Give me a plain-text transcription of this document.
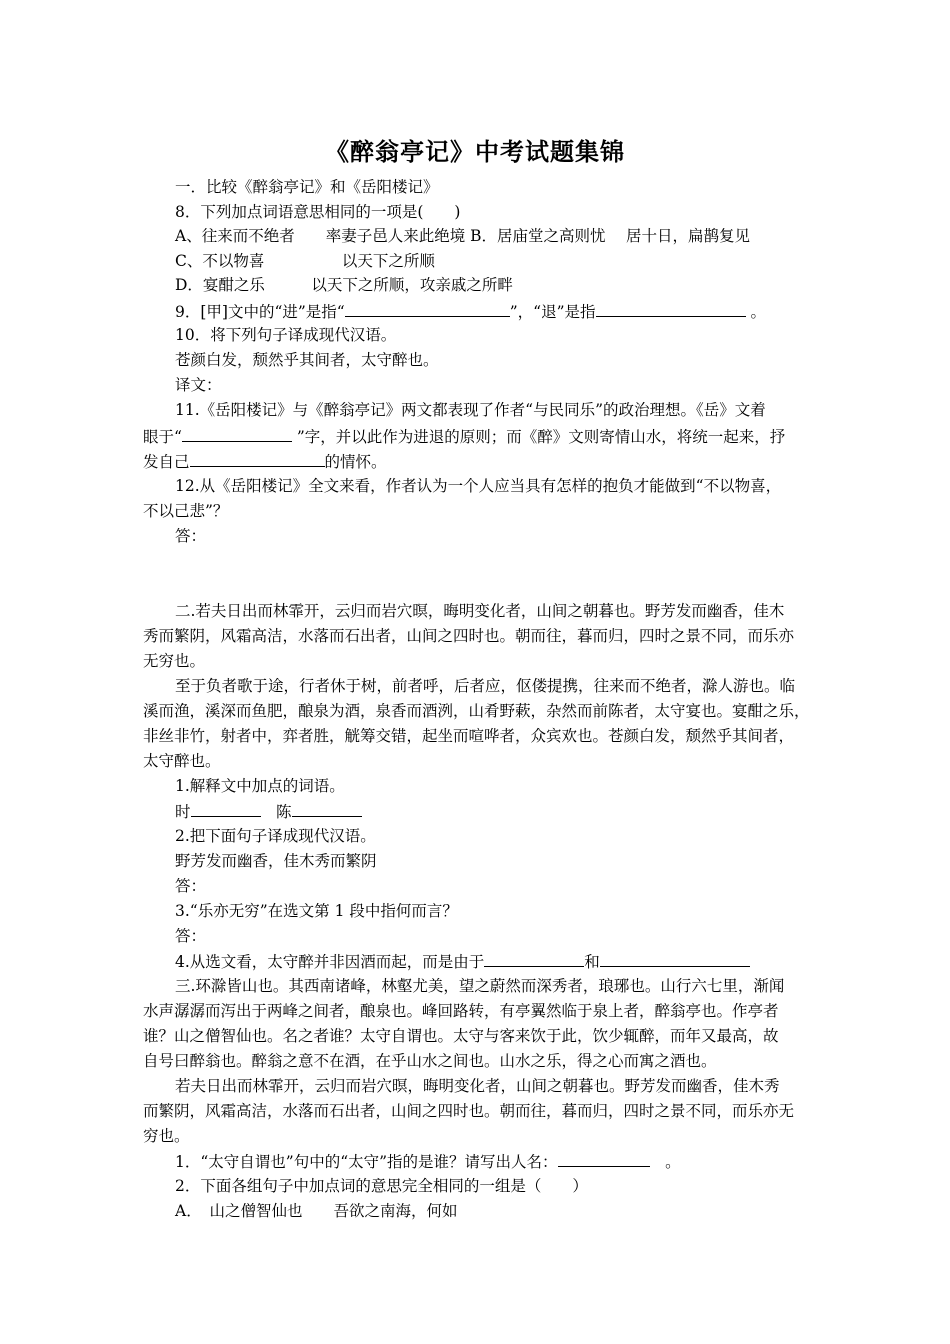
《醉翁亭记》中考试题集锦
一．比较《醉翁亭记》和《岳阳楼记》
8．下列加点词语意思相同的一项是(　　)
A、往来而不绝者　　率妻子邑人来此绝境 B．居庙堂之高则忧　 居十日，扁鹊复见
C、不以物喜　　　　　以天下之所顺
D．宴酣之乐　　　以天下之所顺，攻亲戚之所畔
9．[甲]文中的“进”是指“	”，“退”是指	。
10．将下列句子译成现代汉语。
苍颜白发，颓然乎其间者，太守醉也。
译文：
11.《岳阳楼记》与《醉翁亭记》两文都表现了作者“与民同乐”的政治理想。《岳》文着
眼于“	”字，并以此作为进退的原则；而《醉》文则寄情山水，将统一起来，抒
发自己	的情怀。
12.从《岳阳楼记》全文来看，作者认为一个人应当具有怎样的抱负才能做到“不以物喜，
不以己悲”？
答：
二.若夫日出而林霏开，云归而岩穴暝，晦明变化者，山间之朝暮也。野芳发而幽香，佳木
秀而繁阴，风霜高洁，水落而石出者，山间之四时也。朝而往，暮而归，四时之景不同，而乐亦
无穷也。
至于负者歌于途，行者休于树，前者呼，后者应，伛偻提携，往来而不绝者，滁人游也。临
溪而渔，溪深而鱼肥，酿泉为酒，泉香而酒洌，山肴野蔌，杂然而前陈者，太守宴也。宴酣之乐，
非丝非竹，射者中，弈者胜，觥筹交错，起坐而喧哗者，众宾欢也。苍颜白发，颓然乎其间者，
太守醉也。
1.解释文中加点的词语。
时　	陈
2.把下面句子译成现代汉语。
野芳发而幽香，佳木秀而繁阴
答：
3.“乐亦无穷”在选文第 1 段中指何而言？
答：
4.从选文看，太守醉并非因酒而起，而是由于	和
三.环滁皆山也。其西南诸峰，林壑尤美，望之蔚然而深秀者，琅琊也。山行六七里，渐闻
水声潺潺而泻出于两峰之间者，酿泉也。峰回路转，有亭翼然临于泉上者，醉翁亭也。作亭者
谁？山之僧智仙也。名之者谁？太守自谓也。太守与客来饮于此，饮少辄醉，而年又最高，故
自号曰醉翁也。醉翁之意不在酒，在乎山水之间也。山水之乐，得之心而寓之酒也。
若夫日出而林霏开，云归而岩穴暝，晦明变化者，山间之朝暮也。野芳发而幽香，佳木秀
而繁阴，风霜高洁，水落而石出者，山间之四时也。朝而往，暮而归，四时之景不同，而乐亦无
穷也。
1．“太守自谓也”句中的“太守”指的是谁？请写出人名：　	。
2．下面各组句子中加点词的意思完全相同的一组是（　　）
A．　山之僧智仙也　　吾欲之南海，何如
